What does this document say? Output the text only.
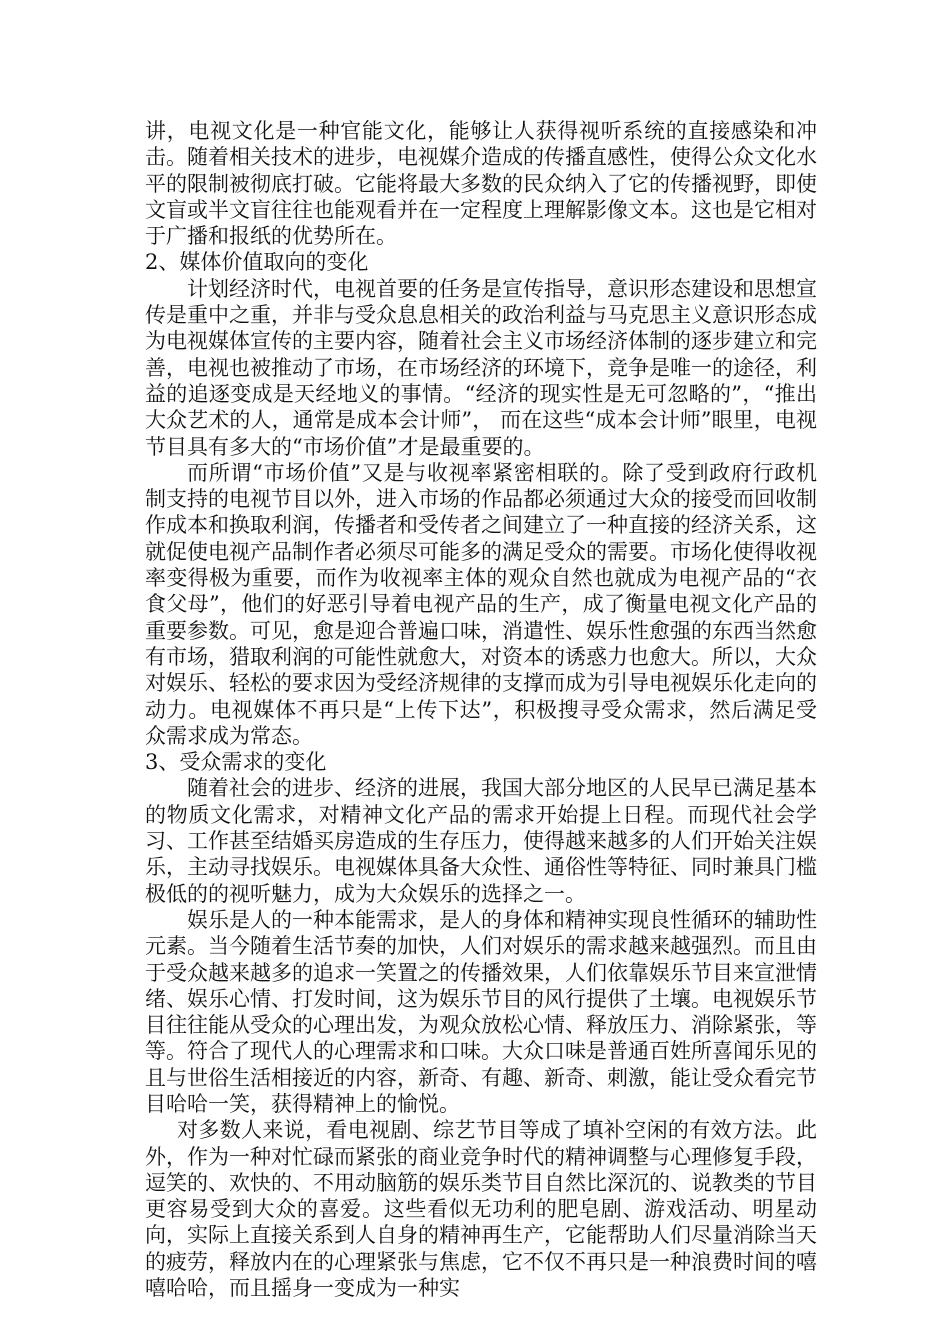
讲，电视文化是一种官能文化，能够让人获得视听系统的直接感染和冲击。随着相关技术的进步，电视媒介造成的传播直感性，使得公众文化水平的限制被彻底打破。它能将最大多数的民众纳入了它的传播视野，即使文盲或半文盲往往也能观看并在一定程度上理解影像文本。这也是它相对于广播和报纸的优势所在。

2、媒体价值取向的变化

计划经济时代，电视首要的任务是宣传指导，意识形态建设和思想宣传是重中之重，并非与受众息息相关的政治利益与马克思主义意识形态成为电视媒体宣传的主要内容，随着社会主义市场经济体制的逐步建立和完善，电视也被推动了市场，在市场经济的环境下，竞争是唯一的途径，利益的追逐变成是天经地义的事情。“经济的现实性是无可忽略的”，“推出大众艺术的人，通常是成本会计师”， 而在这些“成本会计师”眼里，电视节目具有多大的“市场价值”才是最重要的。

而所谓“市场价值”又是与收视率紧密相联的。除了受到政府行政机制支持的电视节目以外，进入市场的作品都必须通过大众的接受而回收制作成本和换取利润，传播者和受传者之间建立了一种直接的经济关系，这就促使电视产品制作者必须尽可能多的满足受众的需要。市场化使得收视率变得极为重要，而作为收视率主体的观众自然也就成为电视产品的“衣食父母”，他们的好恶引导着电视产品的生产，成了衡量电视文化产品的重要参数。可见，愈是迎合普遍口味，消遣性、娱乐性愈强的东西当然愈有市场，猎取利润的可能性就愈大，对资本的诱惑力也愈大。所以，大众对娱乐、轻松的要求因为受经济规律的支撑而成为引导电视娱乐化走向的动力。电视媒体不再只是“上传下达”，积极搜寻受众需求，然后满足受众需求成为常态。

3、受众需求的变化

随着社会的进步、经济的进展，我国大部分地区的人民早已满足基本的物质文化需求，对精神文化产品的需求开始提上日程。而现代社会学习、工作甚至结婚买房造成的生存压力，使得越来越多的人们开始关注娱乐，主动寻找娱乐。电视媒体具备大众性、通俗性等特征、同时兼具门槛极低的的视听魅力，成为大众娱乐的选择之一。

娱乐是人的一种本能需求，是人的身体和精神实现良性循环的辅助性元素。当今随着生活节奏的加快，人们对娱乐的需求越来越强烈。而且由于受众越来越多的追求一笑置之的传播效果，人们依靠娱乐节目来宣泄情绪、娱乐心情、打发时间，这为娱乐节目的风行提供了土壤。电视娱乐节目往往能从受众的心理出发，为观众放松心情、释放压力、消除紧张，等等。符合了现代人的心理需求和口味。大众口味是普通百姓所喜闻乐见的且与世俗生活相接近的内容，新奇、有趣、新奇、刺激，能让受众看完节目哈哈一笑，获得精神上的愉悦。

对多数人来说，看电视剧、综艺节目等成了填补空闲的有效方法。此外，作为一种对忙碌而紧张的商业竞争时代的精神调整与心理修复手段，逗笑的、欢快的、不用动脑筋的娱乐类节目自然比深沉的、说教类的节目更容易受到大众的喜爱。这些看似无功利的肥皂剧、游戏活动、明星动向，实际上直接关系到人自身的精神再生产，它能帮助人们尽量消除当天的疲劳，释放内在的心理紧张与焦虑，它不仅不再只是一种浪费时间的嘻嘻哈哈，而且摇身一变成为一种实
